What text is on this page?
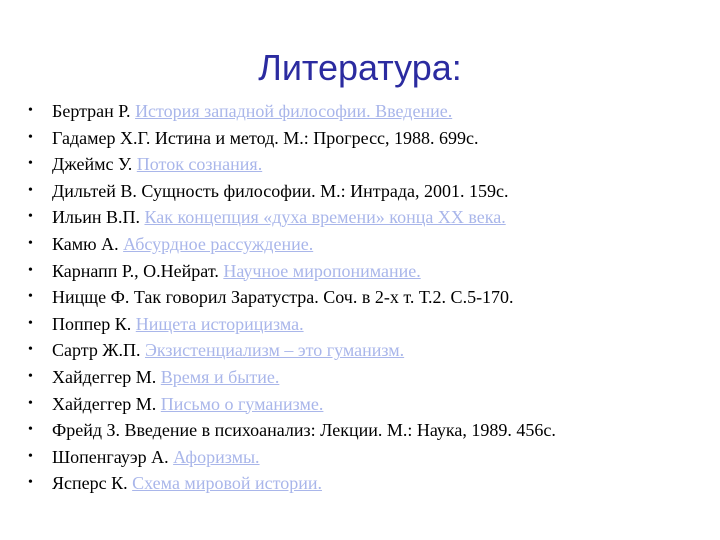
Литература:
•	Бертран Р. История западной философии. Введение.
•	Гадамер Х.Г. Истина и метод. М.: Прогресс, 1988. 699с.
•	Джеймс У. Поток сознания.
•	Дильтей В. Сущность философии. М.: Интрада, 2001. 159с.
•	Ильин В.П. Как концепция «духа времени» конца XX века.
•	Камю А. Абсурдное рассуждение.
•	Карнапп Р., О.Нейрат. Научное миропонимание.
•	Ницще Ф. Так говорил Заратустра. Соч. в 2-х т. Т.2. С.5-170.
•	Поппер К. Нищета историцизма.
•	Сартр Ж.П. Экзистенциализм – это гуманизм.
•	Хайдеггер М. Время и бытие.
•	Хайдеггер М. Письмо о гуманизме.
•	Фрейд З. Введение в психоанализ: Лекции. М.: Наука, 1989. 456с.
•	Шопенгауэр А. Афоризмы.
•	Ясперс К. Схема мировой истории.
